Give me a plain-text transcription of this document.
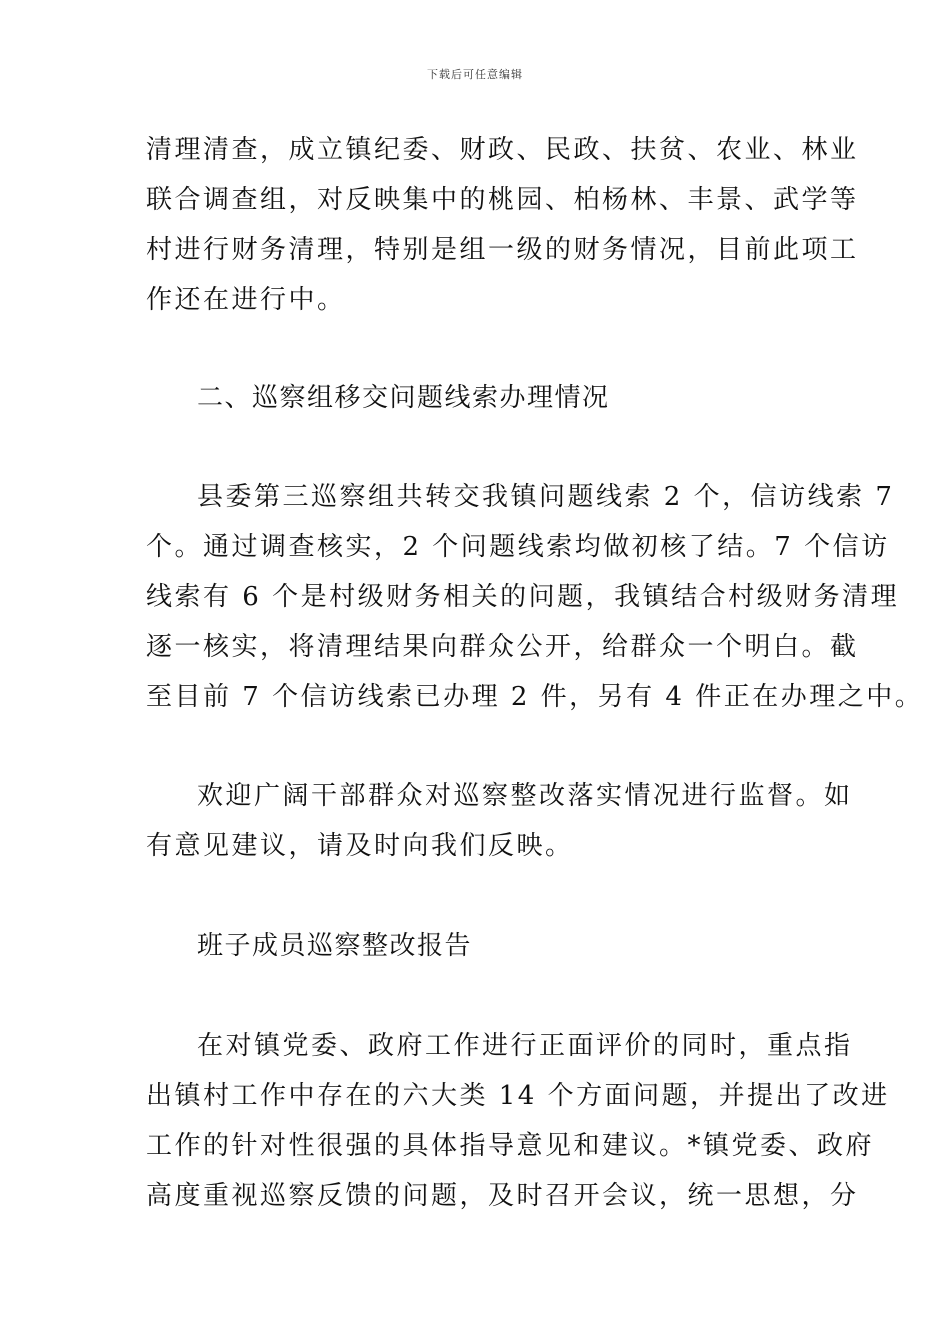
下载后可任意编辑
清理清查，成立镇纪委、财政、民政、扶贫、农业、林业
联合调查组，对反映集中的桃园、柏杨林、丰景、武学等
村进行财务清理，特别是组一级的财务情况，目前此项工
作还在进行中。
二、巡察组移交问题线索办理情况
县委第三巡察组共转交我镇问题线索 2 个，信访线索 7
个。通过调查核实，2 个问题线索均做初核了结。7 个信访
线索有 6 个是村级财务相关的问题，我镇结合村级财务清理
逐一核实，将清理结果向群众公开，给群众一个明白。截
至目前 7 个信访线索已办理 2 件，另有 4 件正在办理之中。
欢迎广阔干部群众对巡察整改落实情况进行监督。如
有意见建议，请及时向我们反映。
班子成员巡察整改报告
在对镇党委、政府工作进行正面评价的同时，重点指
出镇村工作中存在的六大类 14 个方面问题，并提出了改进
工作的针对性很强的具体指导意见和建议。*镇党委、政府
高度重视巡察反馈的问题，及时召开会议，统一思想，分
